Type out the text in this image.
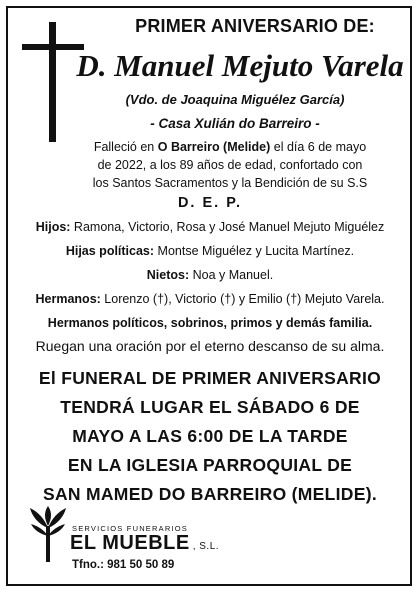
PRIMER ANIVERSARIO DE:
D. Manuel Mejuto Varela
(Vdo. de Joaquina Miguélez García)
- Casa Xulián do Barreiro -
Falleció en O Barreiro (Melide) el día 6 de mayo
de 2022, a los 89 años de edad, confortado con
los Santos Sacramentos y la Bendición de su S.S
D. E. P.
Hijos: Ramona, Victorio, Rosa y José Manuel Mejuto Miguélez
Hijas políticas: Montse Miguélez y Lucita Martínez.
Nietos: Noa y Manuel.
Hermanos: Lorenzo (†), Victorio (†) y Emilio (†) Mejuto Varela.
Hermanos políticos, sobrinos, primos y demás familia.
Ruegan una oración por el eterno descanso de su alma.
El FUNERAL DE PRIMER ANIVERSARIO
TENDRÁ LUGAR EL SÁBADO 6 DE
MAYO A LAS 6:00 DE LA TARDE
EN LA IGLESIA PARROQUIAL DE
SAN MAMED DO BARREIRO (MELIDE).
SERVICIOS FUNERARIOS
EL MUEBLE , S.L.
Tfno.: 981 50 50 89
